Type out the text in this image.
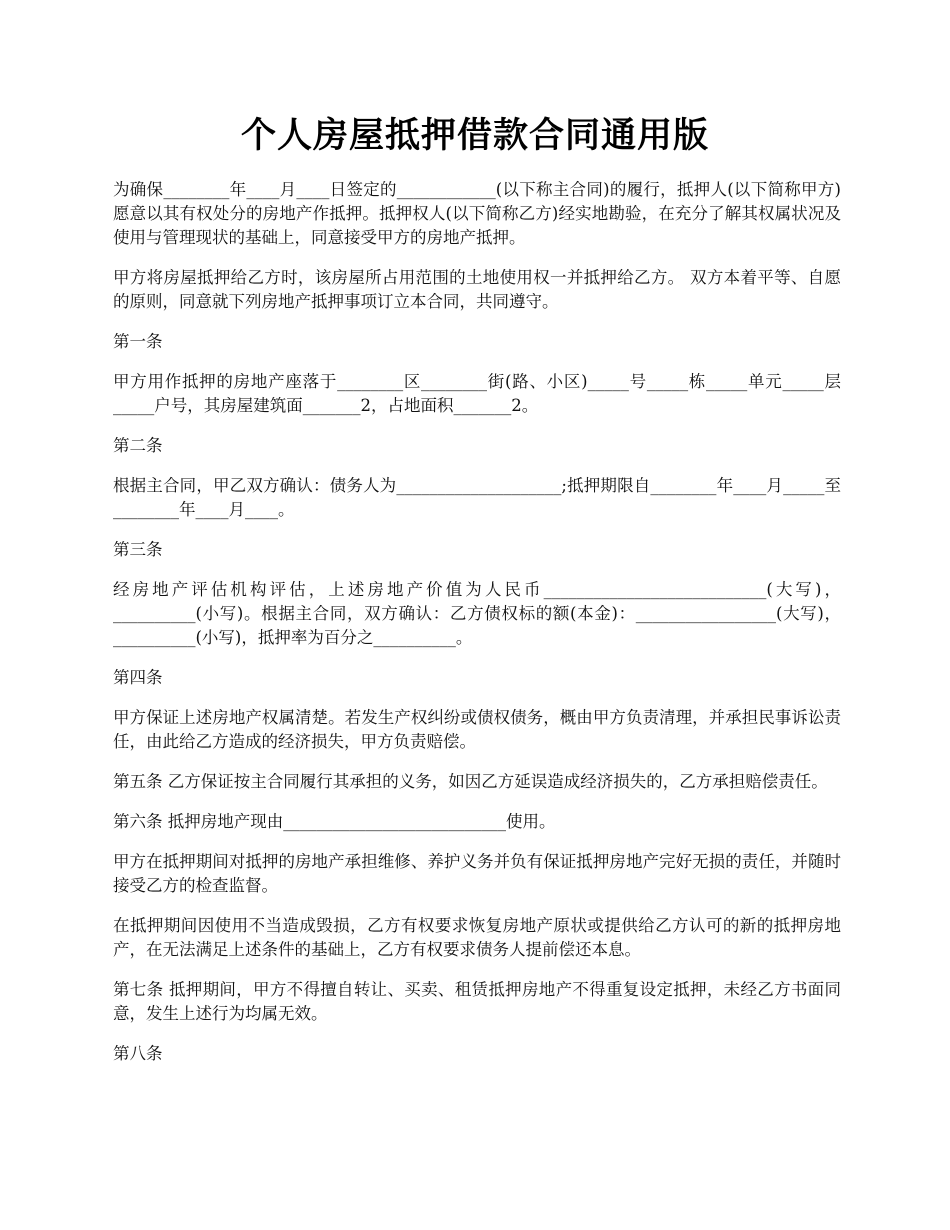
个人房屋抵押借款合同通用版

为确保________年____月____日签定的____________(以下称主合同)的履行，抵押人(以下简称甲方)愿意以其有权处分的房地产作抵押。抵押权人(以下简称乙方)经实地勘验，在充分了解其权属状况及使用与管理现状的基础上，同意接受甲方的房地产抵押。

甲方将房屋抵押给乙方时，该房屋所占用范围的土地使用权一并抵押给乙方。 双方本着平等、自愿的原则，同意就下列房地产抵押事项订立本合同，共同遵守。

第一条

甲方用作抵押的房地产座落于________区________街(路、小区)_____号_____栋_____单元_____层_____户号，其房屋建筑面_______2，占地面积_______2。

第二条

根据主合同，甲乙双方确认：债务人为____________________;抵押期限自________年____月_____至________年____月____。

第三条

经房地产评估机构评估，上述房地产价值为人民币___________________________(大写)，__________(小写)。根据主合同，双方确认：乙方债权标的额(本金)：_________________(大写)，__________(小写)，抵押率为百分之__________。

第四条

甲方保证上述房地产权属清楚。若发生产权纠纷或债权债务，概由甲方负责清理，并承担民事诉讼责任，由此给乙方造成的经济损失，甲方负责赔偿。

第五条 乙方保证按主合同履行其承担的义务，如因乙方延误造成经济损失的，乙方承担赔偿责任。

第六条 抵押房地产现由___________________________使用。

甲方在抵押期间对抵押的房地产承担维修、养护义务并负有保证抵押房地产完好无损的责任，并随时接受乙方的检查监督。

在抵押期间因使用不当造成毁损，乙方有权要求恢复房地产原状或提供给乙方认可的新的抵押房地产，在无法满足上述条件的基础上，乙方有权要求债务人提前偿还本息。

第七条 抵押期间，甲方不得擅自转让、买卖、租赁抵押房地产不得重复设定抵押，未经乙方书面同意，发生上述行为均属无效。

第八条
